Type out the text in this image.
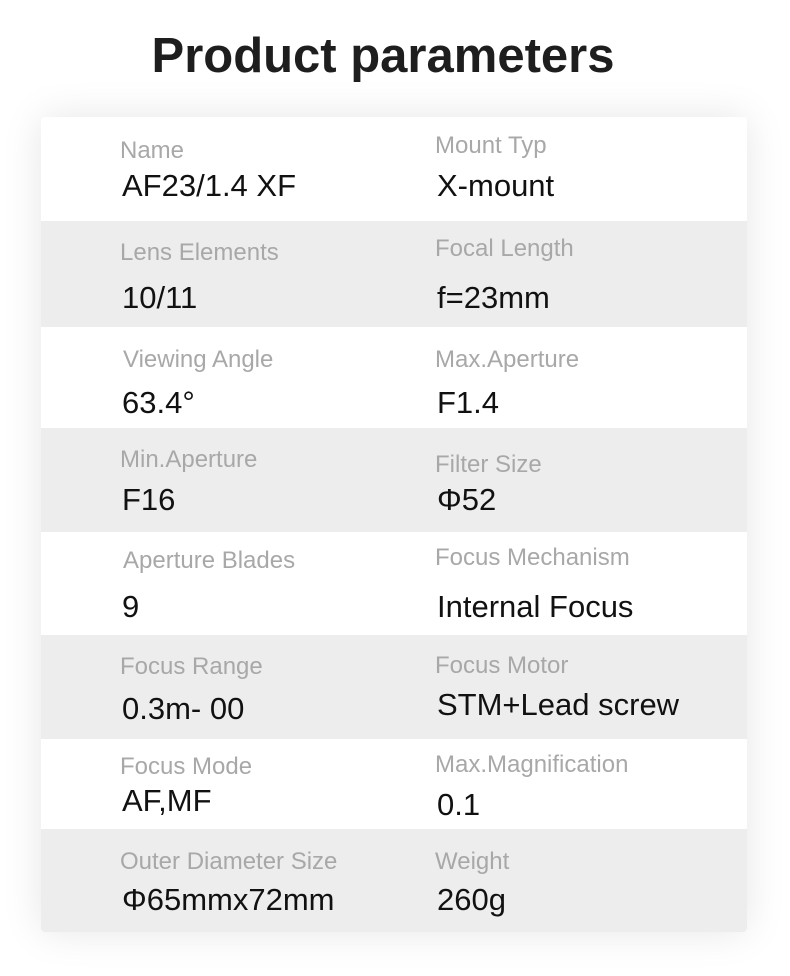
Product parameters
Name
AF23/1.4 XF
Mount Typ
X-mount
Lens Elements
10/11
Focal Length
f=23mm
Viewing Angle
63.4°
Max.Aperture
F1.4
Min.Aperture
F16
Filter Size
Φ52
Aperture Blades
9
Focus Mechanism
Internal Focus
Focus Range
0.3m- 00
Focus Motor
STM+Lead screw
Focus Mode
AF,MF
Max.Magnification
0.1
Outer Diameter Size
Φ65mmx72mm
Weight
260g
